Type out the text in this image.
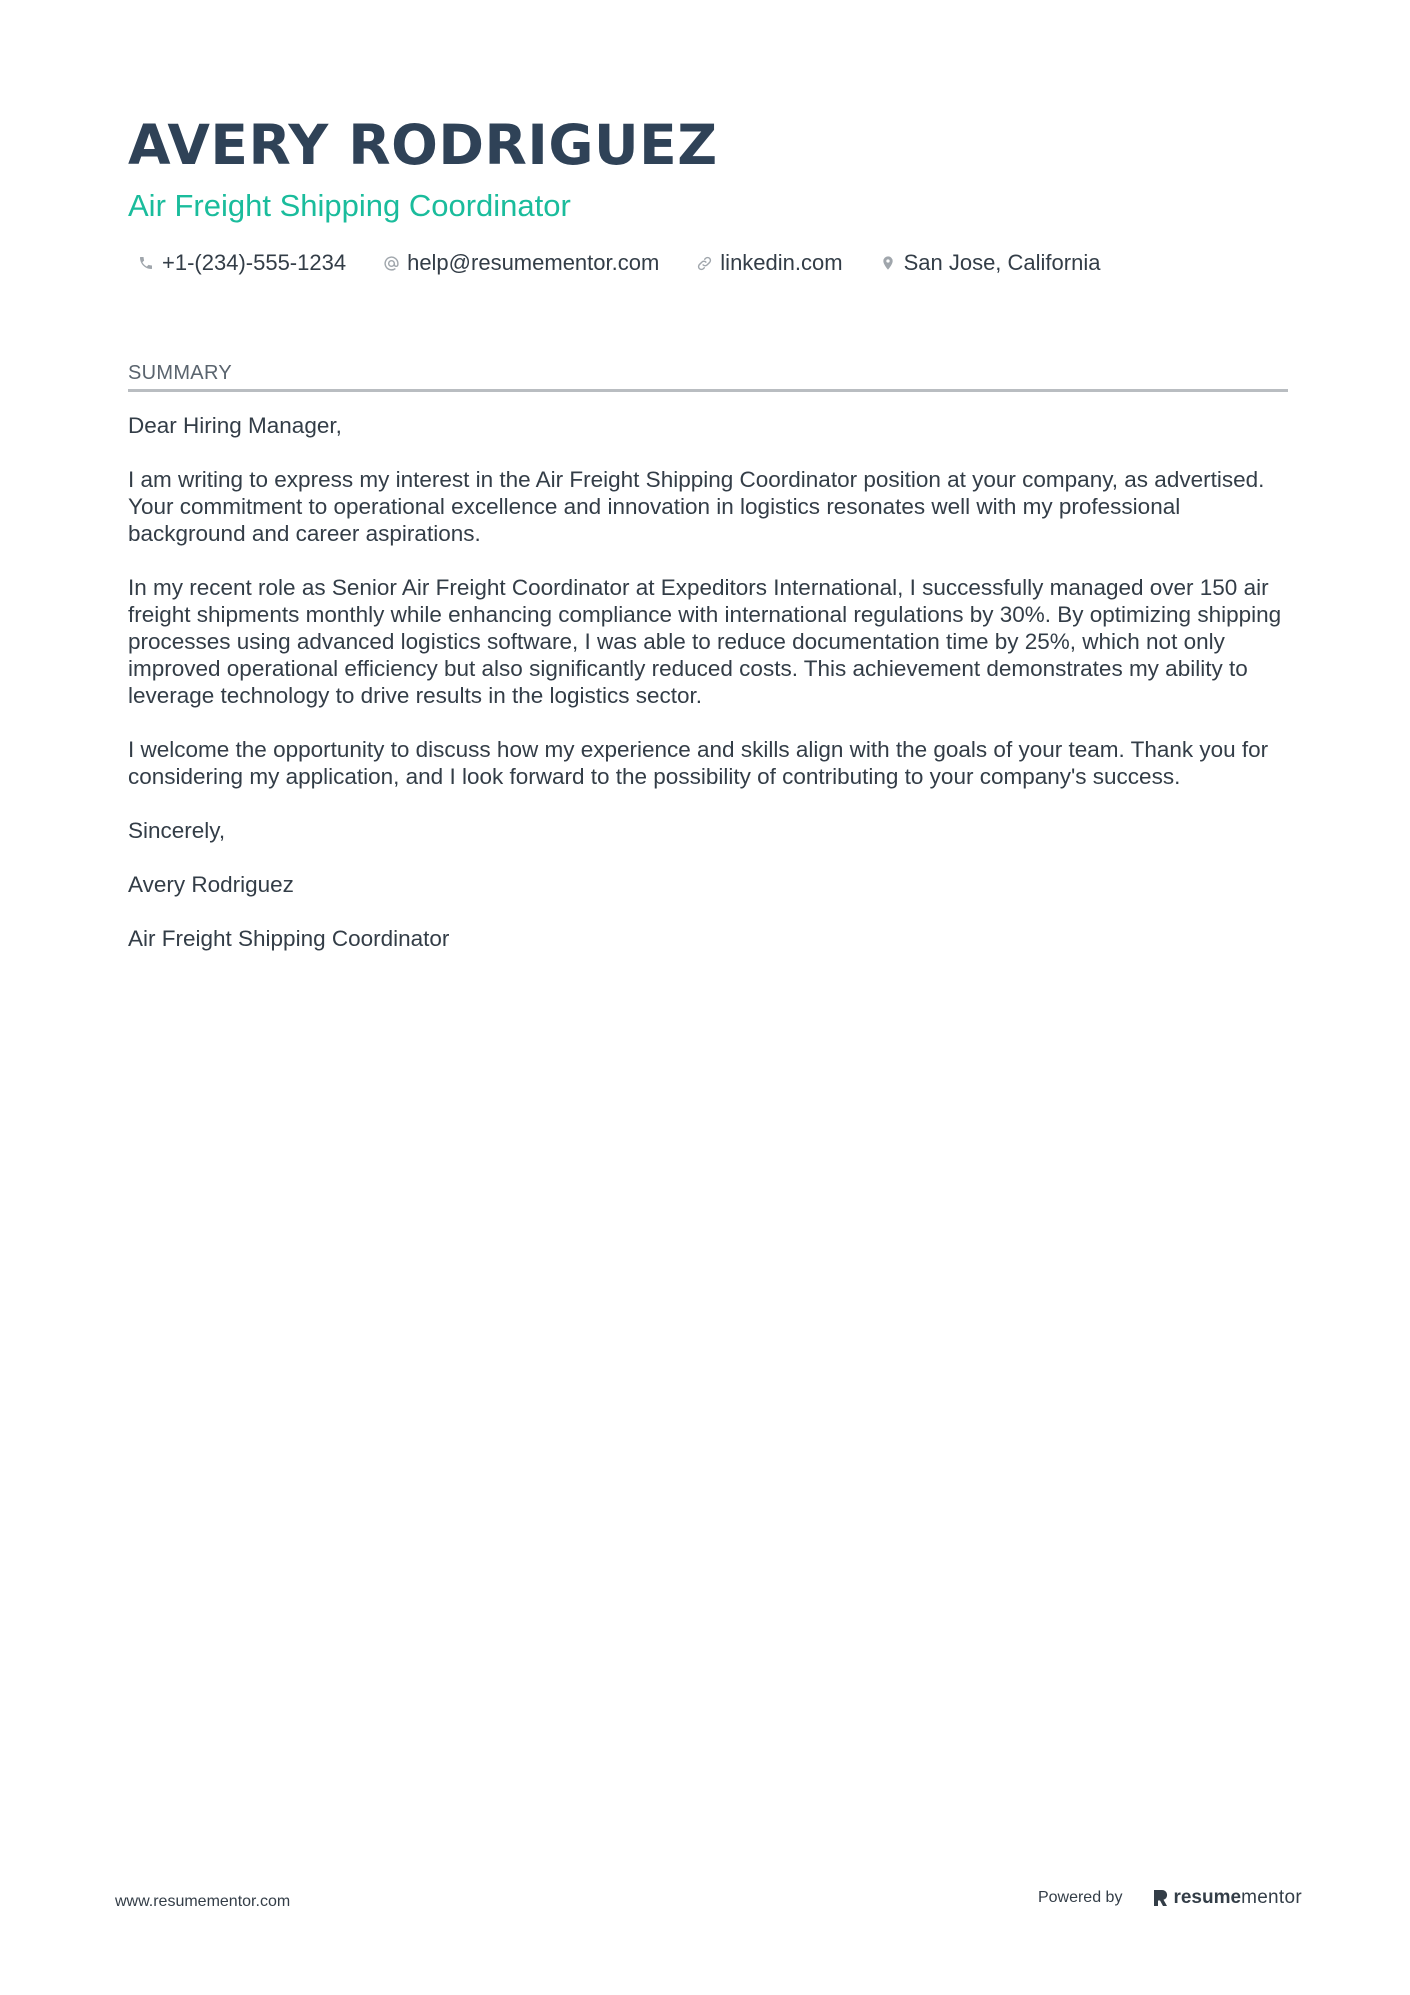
AVERY RODRIGUEZ
Air Freight Shipping Coordinator
+1-(234)-555-1234	help@resumementor.com	linkedin.com	San Jose, California
SUMMARY

Dear Hiring Manager,

I am writing to express my interest in the Air Freight Shipping Coordinator position at your company, as advertised. Your commitment to operational excellence and innovation in logistics resonates well with my professional background and career aspirations.

In my recent role as Senior Air Freight Coordinator at Expeditors International, I successfully managed over 150 air freight shipments monthly while enhancing compliance with international regulations by 30%. By optimizing shipping processes using advanced logistics software, I was able to reduce documentation time by 25%, which not only improved operational efficiency but also significantly reduced costs. This achievement demonstrates my ability to leverage technology to drive results in the logistics sector.

I welcome the opportunity to discuss how my experience and skills align with the goals of your team. Thank you for considering my application, and I look forward to the possibility of contributing to your company's success.

Sincerely,

Avery Rodriguez

Air Freight Shipping Coordinator

www.resumementor.com	Powered by	resume mentor
